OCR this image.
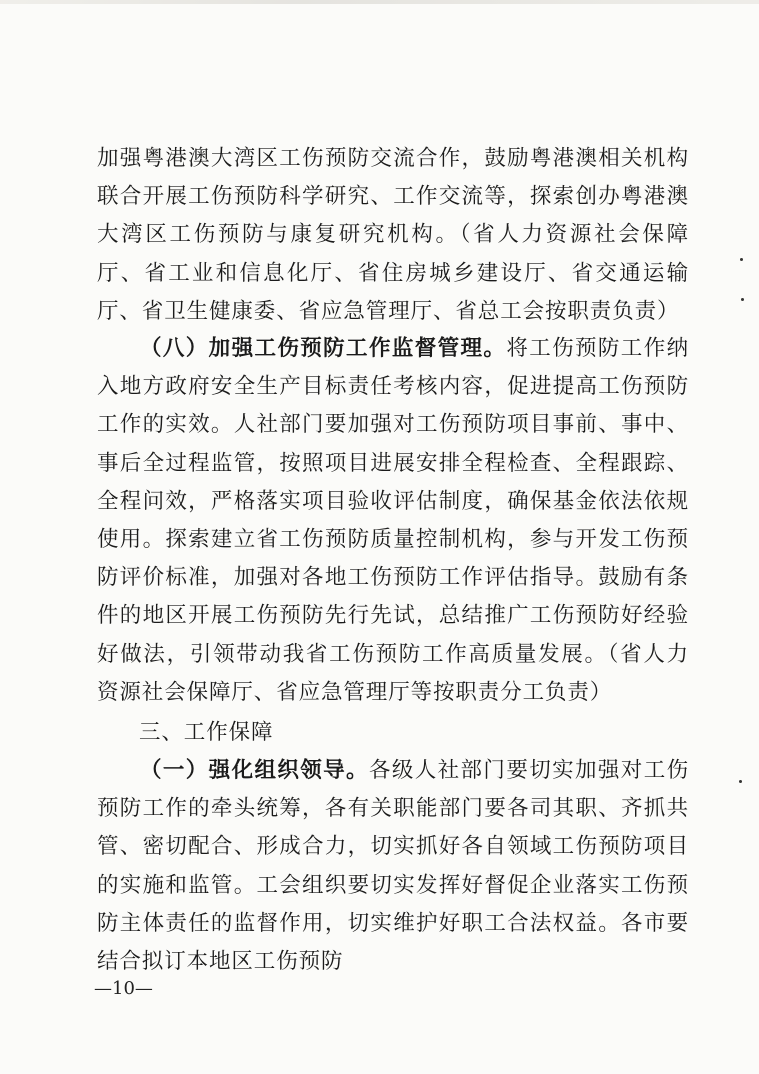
加强粤港澳大湾区工伤预防交流合作，鼓励粤港澳相关机构联合开展工伤预防科学研究、工作交流等，探索创办粤港澳大湾区工伤预防与康复研究机构。（省人力资源社会保障厅、省工业和信息化厅、省住房城乡建设厅、省交通运输厅、省卫生健康委、省应急管理厅、省总工会按职责负责）

（八）加强工伤预防工作监督管理。将工伤预防工作纳入地方政府安全生产目标责任考核内容，促进提高工伤预防工作的实效。人社部门要加强对工伤预防项目事前、事中、事后全过程监管，按照项目进展安排全程检查、全程跟踪、全程问效，严格落实项目验收评估制度，确保基金依法依规使用。探索建立省工伤预防质量控制机构，参与开发工伤预防评价标准，加强对各地工伤预防工作评估指导。鼓励有条件的地区开展工伤预防先行先试，总结推广工伤预防好经验好做法，引领带动我省工伤预防工作高质量发展。（省人力资源社会保障厅、省应急管理厅等按职责分工负责）

三、工作保障

（一）强化组织领导。各级人社部门要切实加强对工伤预防工作的牵头统筹，各有关职能部门要各司其职、齐抓共管、密切配合、形成合力，切实抓好各自领域工伤预防项目的实施和监管。工会组织要切实发挥好督促企业落实工伤预防主体责任的监督作用，切实维护好职工合法权益。各市要结合拟订本地区工伤预防

—10—
